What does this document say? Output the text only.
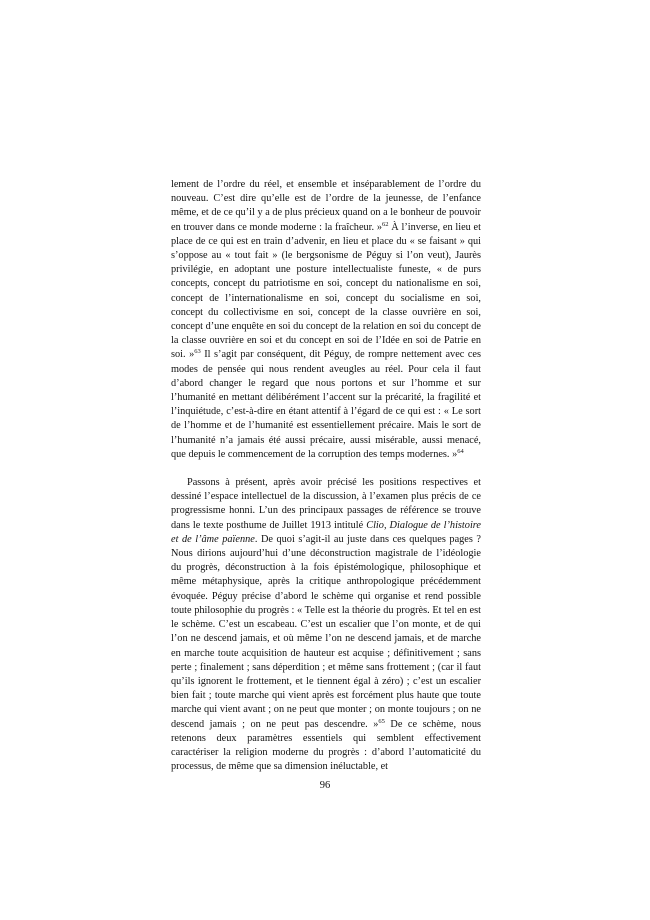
lement de l’ordre du réel, et ensemble et inséparablement de l’ordre du nouveau. C’est dire qu’elle est de l’ordre de la jeunesse, de l’enfance même, et de ce qu’il y a de plus précieux quand on a le bonheur de pouvoir en trouver dans ce monde moderne : la fraîcheur. »$^{62}$ À l’inverse, en lieu et place de ce qui est en train d’advenir, en lieu et place du « se faisant » qui s’oppose au « tout fait » (le bergsonisme de Péguy si l’on veut), Jaurès privilégie, en adoptant une posture intellectualiste funeste, « de purs concepts, concept du patriotisme en soi, concept du nationalisme en soi, concept de l’internationalisme en soi, concept du socialisme en soi, concept du collectivisme en soi, concept de la classe ouvrière en soi, concept d’une enquête en soi du concept de la relation en soi du concept de la classe ouvrière en soi et du concept en soi de l’Idée en soi de Patrie en soi. »$^{63}$ Il s’agit par conséquent, dit Péguy, de rompre nettement avec ces modes de pensée qui nous rendent aveugles au réel. Pour cela il faut d’abord changer le regard que nous portons et sur l’homme et sur l’humanité en mettant délibérément l’accent sur la précarité, la fragilité et l’inquiétude, c’est-à-dire en étant attentif à l’égard de ce qui est : « Le sort de l’homme et de l’humanité est essentiellement précaire. Mais le sort de l’humanité n’a jamais été aussi précaire, aussi misérable, aussi menacé, que depuis le commencement de la corruption des temps modernes. »$^{64}$

Passons à présent, après avoir précisé les positions respectives et dessiné l’espace intellectuel de la discussion, à l’examen plus précis de ce progressisme honni. L’un des principaux passages de référence se trouve dans le texte posthume de Juillet 1913 intitulé Clio, Dialogue de l’histoire et de l’âme païenne. De quoi s’agit-il au juste dans ces quelques pages ? Nous dirions aujourd’hui d’une déconstruction magistrale de l’idéologie du progrès, déconstruction à la fois épistémologique, philosophique et même métaphysique, après la critique anthropologique précédemment évoquée. Péguy précise d’abord le schème qui organise et rend possible toute philosophie du progrès : « Telle est la théorie du progrès. Et tel en est le schème. C’est un escabeau. C’est un escalier que l’on monte, et de qui l’on ne descend jamais, et où même l’on ne descend jamais, et de marche en marche toute acquisition de hauteur est acquise ; définitivement ; sans perte ; finalement ; sans déperdition ; et même sans frottement ; (car il faut qu’ils ignorent le frottement, et le tiennent égal à zéro) ; c’est un escalier bien fait ; toute marche qui vient après est forcément plus haute que toute marche qui vient avant ; on ne peut que monter ; on monte toujours ; on ne descend jamais ; on ne peut pas descendre. »$^{65}$ De ce schème, nous retenons deux paramètres essentiels qui semblent effectivement caractériser la religion moderne du progrès : d’abord l’automaticité du processus, de même que sa dimension inéluctable, et

96
